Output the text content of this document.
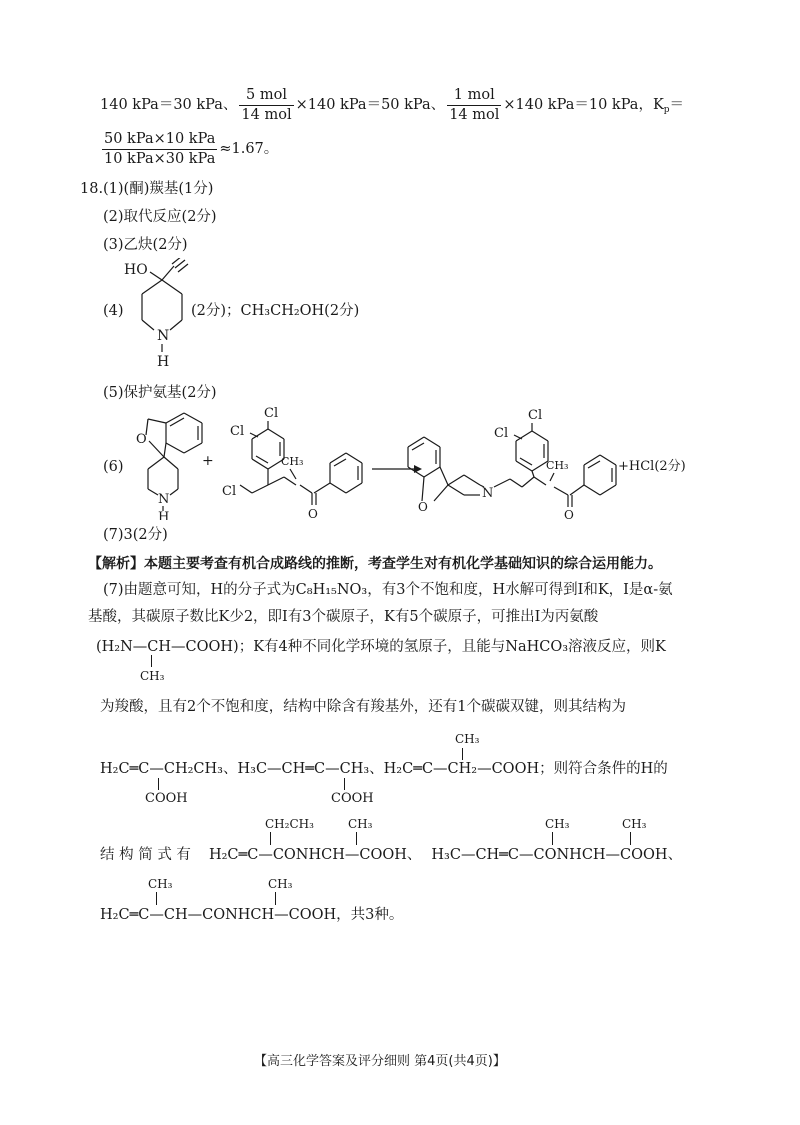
140 kPa＝30 kPa、 $\frac{\text{5 mol}}{\text{14 mol}} \times 140$ kPa＝50 kPa、 $\frac{\text{1 mol}}{\text{14 mol}} \times 140$ kPa＝10 kPa，$K_p=$
$\frac{\text{50 kPa×10 kPa}}{\text{10 kPa×30 kPa}} \approx 1.67$。
18. (1)(酮)羰基(1分)
(2)取代反应(2分)
(3)乙炔(2分)
(4)
HO
N
H
(2分)；CH₃CH₂OH(2分)
(5)保护氨基(2分)
(6)
O
N
H
+
Cl
Cl
Cl
CH₃
O	O
N
Cl
Cl
CH₃
O
+HCl(2分)
(7)3(2分)
【解析】本题主要考查有机合成路线的推断，考查学生对有机化学基础知识的综合运用能力。
(7)由题意可知，H的分子式为C₈H₁₅NO₃，有3个不饱和度，H水解可得到I和K，I是α-氨
基酸，其碳原子数比K少2，即I有3个碳原子，K有5个碳原子，可推出I为丙氨酸
(H₂N—CH—COOH)；K有4种不同化学环境的氢原子，且能与NaHCO₃溶液反应，则K
CH₃
为羧酸，且有2个不饱和度，结构中除含有羧基外，还有1个碳碳双键，则其结构为
CH₃
H₂C═C—CH₂CH₃、H₃C—CH═C—CH₃、H₂C═C—CH₂—COOH；则符合条件的H的
COOH	COOH
CH₂CH₃	CH₃	CH₃	CH₃
结 构 简 式 有 H₂C═C—CONHCH—COOH、 H₃C—CH═C—CONHCH—COOH、
CH₃	CH₃
H₂C═C—CH—CONHCH—COOH，共3种。
【高三化学答案及评分细则 第4页(共4页)】
